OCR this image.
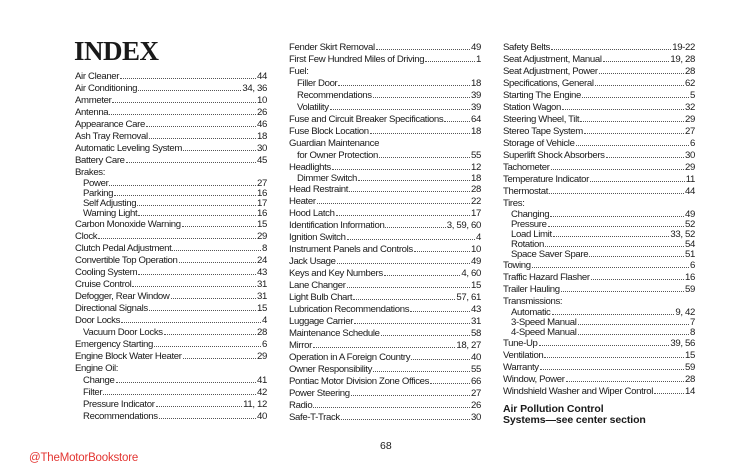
INDEX
Air Cleaner	44
Air Conditioning	34, 36
Ammeter	10
Antenna	26
Appearance Care	46
Ash Tray Removal	18
Automatic Leveling System	30
Battery Care	45
Brakes:
Power	27
Parking	16
Self Adjusting	17
Warning Light	16
Carbon Monoxide Warning	15
Clock	29
Clutch Pedal Adjustment	8
Convertible Top Operation	24
Cooling System	43
Cruise Control	31
Defogger, Rear Window	31
Directional Signals	15
Door Locks	4
Vacuum Door Locks	28
Emergency Starting	6
Engine Block Water Heater	29
Engine Oil:
Change	41
Filter	42
Pressure Indicator	11, 12
Recommendations	40
Fender Skirt Removal	49
First Few Hundred Miles of Driving	1
Fuel:
Filler Door	18
Recommendations	39
Volatility	39
Fuse and Circuit Breaker Specifications	64
Fuse Block Location	18
Guardian Maintenance
for Owner Protection	55
Headlights	12
Dimmer Switch	18
Head Restraint	28
Heater	22
Hood Latch	17
Identification Information	3, 59, 60
Ignition Switch	4
Instrument Panels and Controls	10
Jack Usage	49
Keys and Key Numbers	4, 60
Lane Changer	15
Light Bulb Chart	57, 61
Lubrication Recommendations	43
Luggage Carrier	31
Maintenance Schedule	58
Mirror	18, 27
Operation in A Foreign Country	40
Owner Responsibility	55
Pontiac Motor Division Zone Offices	66
Power Steering	27
Radio	26
Safe-T-Track	30
Safety Belts	19-22
Seat Adjustment, Manual	19, 28
Seat Adjustment, Power	28
Specifications, General	62
Starting The Engine	5
Station Wagon	32
Steering Wheel, Tilt	29
Stereo Tape System	27
Storage of Vehicle	6
Superlift Shock Absorbers	30
Tachometer	29
Temperature Indicator	11
Thermostat	44
Tires:
Changing	49
Pressure	52
Load Limit	33, 52
Rotation	54
Space Saver Spare	51
Towing	6
Traffic Hazard Flasher	16
Trailer Hauling	59
Transmissions:
Automatic	9, 42
3-Speed Manual	7
4-Speed Manual	8
Tune-Up	39, 56
Ventilation	15
Warranty	59
Window, Power	28
Windshield Washer and Wiper Control	14
Air Pollution Control
Systems—see center section
68
@TheMotorBookstore
